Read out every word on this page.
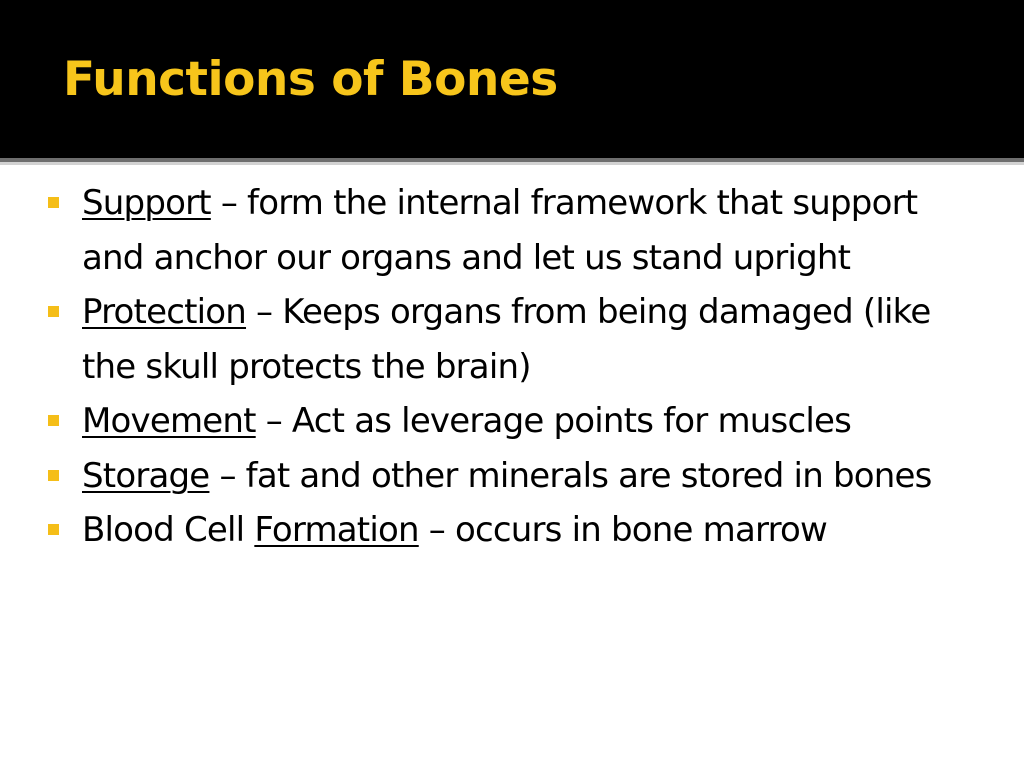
Functions of Bones
Support – form the internal framework that support and anchor our organs and let us stand upright
Protection – Keeps organs from being damaged (like the skull protects the brain)
Movement – Act as leverage points for muscles
Storage – fat and other minerals are stored in bones
Blood Cell Formation – occurs in bone marrow
